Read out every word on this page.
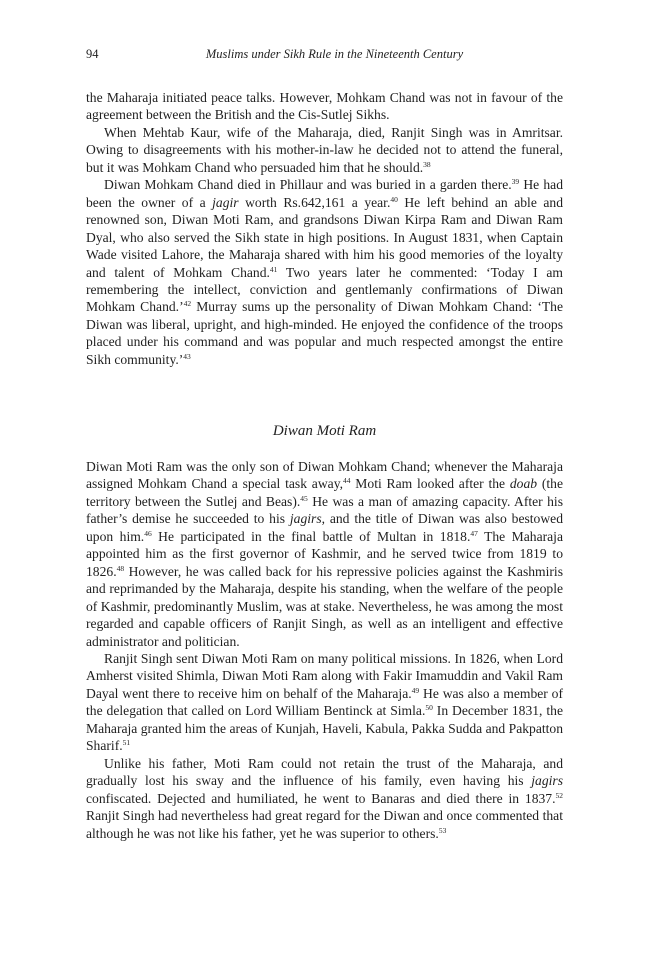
94	Muslims under Sikh Rule in the Nineteenth Century

the Maharaja initiated peace talks. However, Mohkam Chand was not in favour of the agreement between the British and the Cis-Sutlej Sikhs.

When Mehtab Kaur, wife of the Maharaja, died, Ranjit Singh was in Amritsar. Owing to disagreements with his mother-in-law he decided not to attend the funeral, but it was Mohkam Chand who persuaded him that he should.$^{38}$

Diwan Mohkam Chand died in Phillaur and was buried in a garden there.$^{39}$ He had been the owner of a jagir worth Rs.642,161 a year.$^{40}$ He left behind an able and renowned son, Diwan Moti Ram, and grandsons Diwan Kirpa Ram and Diwan Ram Dyal, who also served the Sikh state in high positions. In August 1831, when Captain Wade visited Lahore, the Maharaja shared with him his good memories of the loyalty and talent of Mohkam Chand.$^{41}$ Two years later he commented: ‘Today I am remembering the intellect, conviction and gentlemanly confirmations of Diwan Mohkam Chand.’$^{42}$ Murray sums up the personality of Diwan Mohkam Chand: ‘The Diwan was liberal, upright, and high-minded. He enjoyed the confidence of the troops placed under his command and was popular and much respected amongst the entire Sikh community.’$^{43}$

Diwan Moti Ram

Diwan Moti Ram was the only son of Diwan Mohkam Chand; whenever the Maharaja assigned Mohkam Chand a special task away,$^{44}$ Moti Ram looked after the doab (the territory between the Sutlej and Beas).$^{45}$ He was a man of amazing capacity. After his father’s demise he succeeded to his jagirs, and the title of Diwan was also bestowed upon him.$^{46}$ He participated in the final battle of Multan in 1818.47 The Maharaja appointed him as the first governor of Kashmir, and he served twice from 1819 to 1826.48 However, he was called back for his repressive policies against the Kashmiris and reprimanded by the Maharaja, despite his standing, when the welfare of the people of Kashmir, predominantly Muslim, was at stake. Nevertheless, he was among the most regarded and capable officers of Ranjit Singh, as well as an intelligent and effective administrator and politician.

Ranjit Singh sent Diwan Moti Ram on many political missions. In 1826, when Lord Amherst visited Shimla, Diwan Moti Ram along with Fakir Imamuddin and Vakil Ram Dayal went there to receive him on behalf of the Maharaja.$^{49}$ He was also a member of the delegation that called on Lord William Bentinck at Simla.$^{50}$ In December 1831, the Maharaja granted him the areas of Kunjah, Haveli, Kabula, Pakka Sudda and Pakpatton Sharif.$^{51}$

Unlike his father, Moti Ram could not retain the trust of the Maharaja, and gradually lost his sway and the influence of his family, even having his jagirs confiscated. Dejected and humiliated, he went to Banaras and died there in 1837.52 Ranjit Singh had nevertheless had great regard for the Diwan and once commented that although he was not like his father, yet he was superior to others.$^{53}$
